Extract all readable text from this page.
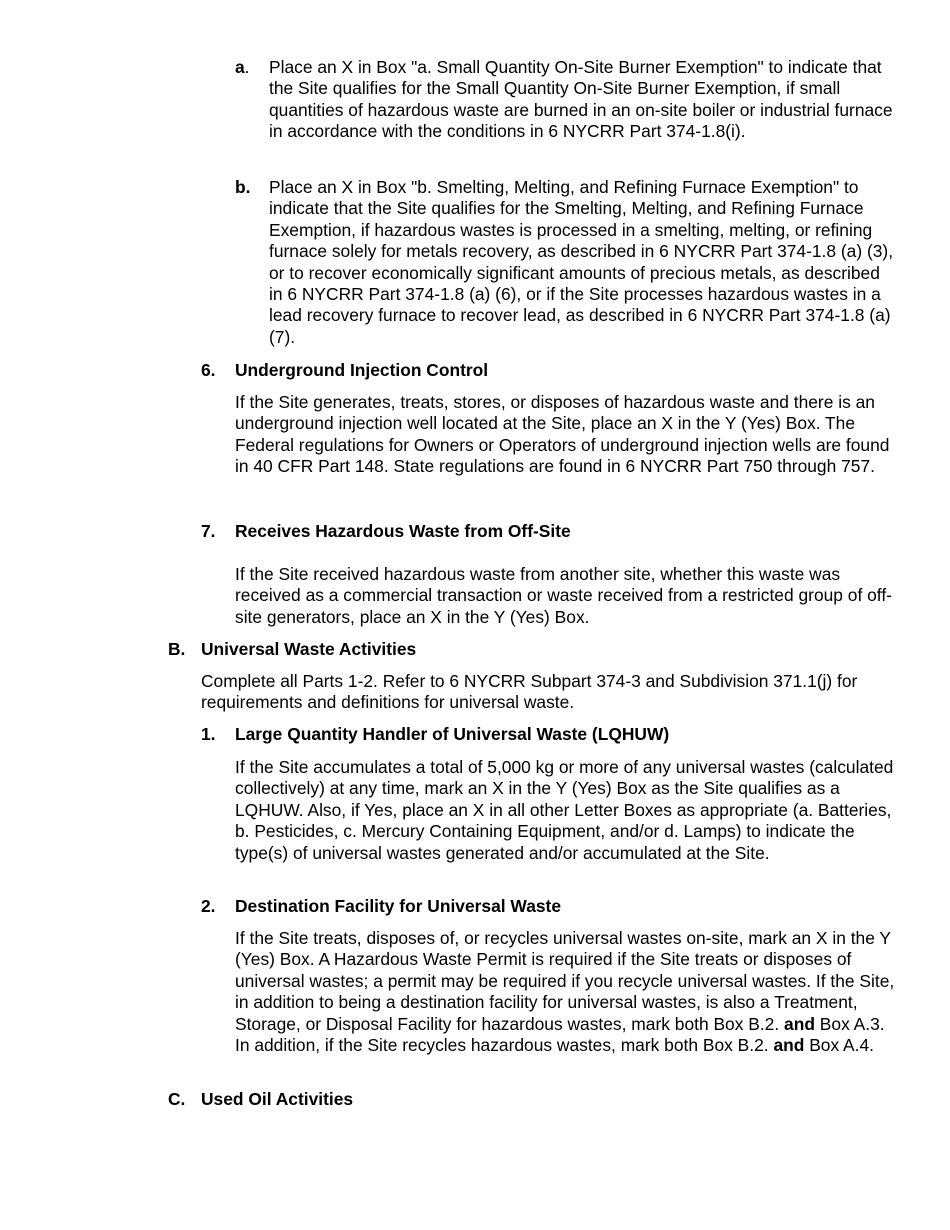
a. Place an X in Box "a. Small Quantity On-Site Burner Exemption" to indicate that the Site qualifies for the Small Quantity On-Site Burner Exemption, if small quantities of hazardous waste are burned in an on-site boiler or industrial furnace in accordance with the conditions in 6 NYCRR Part 374-1.8(i).

b. Place an X in Box "b. Smelting, Melting, and Refining Furnace Exemption" to indicate that the Site qualifies for the Smelting, Melting, and Refining Furnace Exemption, if hazardous wastes is processed in a smelting, melting, or refining furnace solely for metals recovery, as described in 6 NYCRR Part 374-1.8 (a) (3), or to recover economically significant amounts of precious metals, as described in 6 NYCRR Part 374-1.8 (a) (6), or if the Site processes hazardous wastes in a lead recovery furnace to recover lead, as described in 6 NYCRR Part 374-1.8 (a) (7).

6. Underground Injection Control

If the Site generates, treats, stores, or disposes of hazardous waste and there is an underground injection well located at the Site, place an X in the Y (Yes) Box. The Federal regulations for Owners or Operators of underground injection wells are found in 40 CFR Part 148. State regulations are found in 6 NYCRR Part 750 through 757.

7. Receives Hazardous Waste from Off-Site

If the Site received hazardous waste from another site, whether this waste was received as a commercial transaction or waste received from a restricted group of off-site generators, place an X in the Y (Yes) Box.

B. Universal Waste Activities

Complete all Parts 1-2. Refer to 6 NYCRR Subpart 374-3 and Subdivision 371.1(j) for requirements and definitions for universal waste.

1. Large Quantity Handler of Universal Waste (LQHUW)

If the Site accumulates a total of 5,000 kg or more of any universal wastes (calculated collectively) at any time, mark an X in the Y (Yes) Box as the Site qualifies as a LQHUW. Also, if Yes, place an X in all other Letter Boxes as appropriate (a. Batteries, b. Pesticides, c. Mercury Containing Equipment, and/or d. Lamps) to indicate the type(s) of universal wastes generated and/or accumulated at the Site.

2. Destination Facility for Universal Waste

If the Site treats, disposes of, or recycles universal wastes on-site, mark an X in the Y (Yes) Box. A Hazardous Waste Permit is required if the Site treats or disposes of universal wastes; a permit may be required if you recycle universal wastes. If the Site, in addition to being a destination facility for universal wastes, is also a Treatment, Storage, or Disposal Facility for hazardous wastes, mark both Box B.2. and Box A.3. In addition, if the Site recycles hazardous wastes, mark both Box B.2. and Box A.4.

C. Used Oil Activities
